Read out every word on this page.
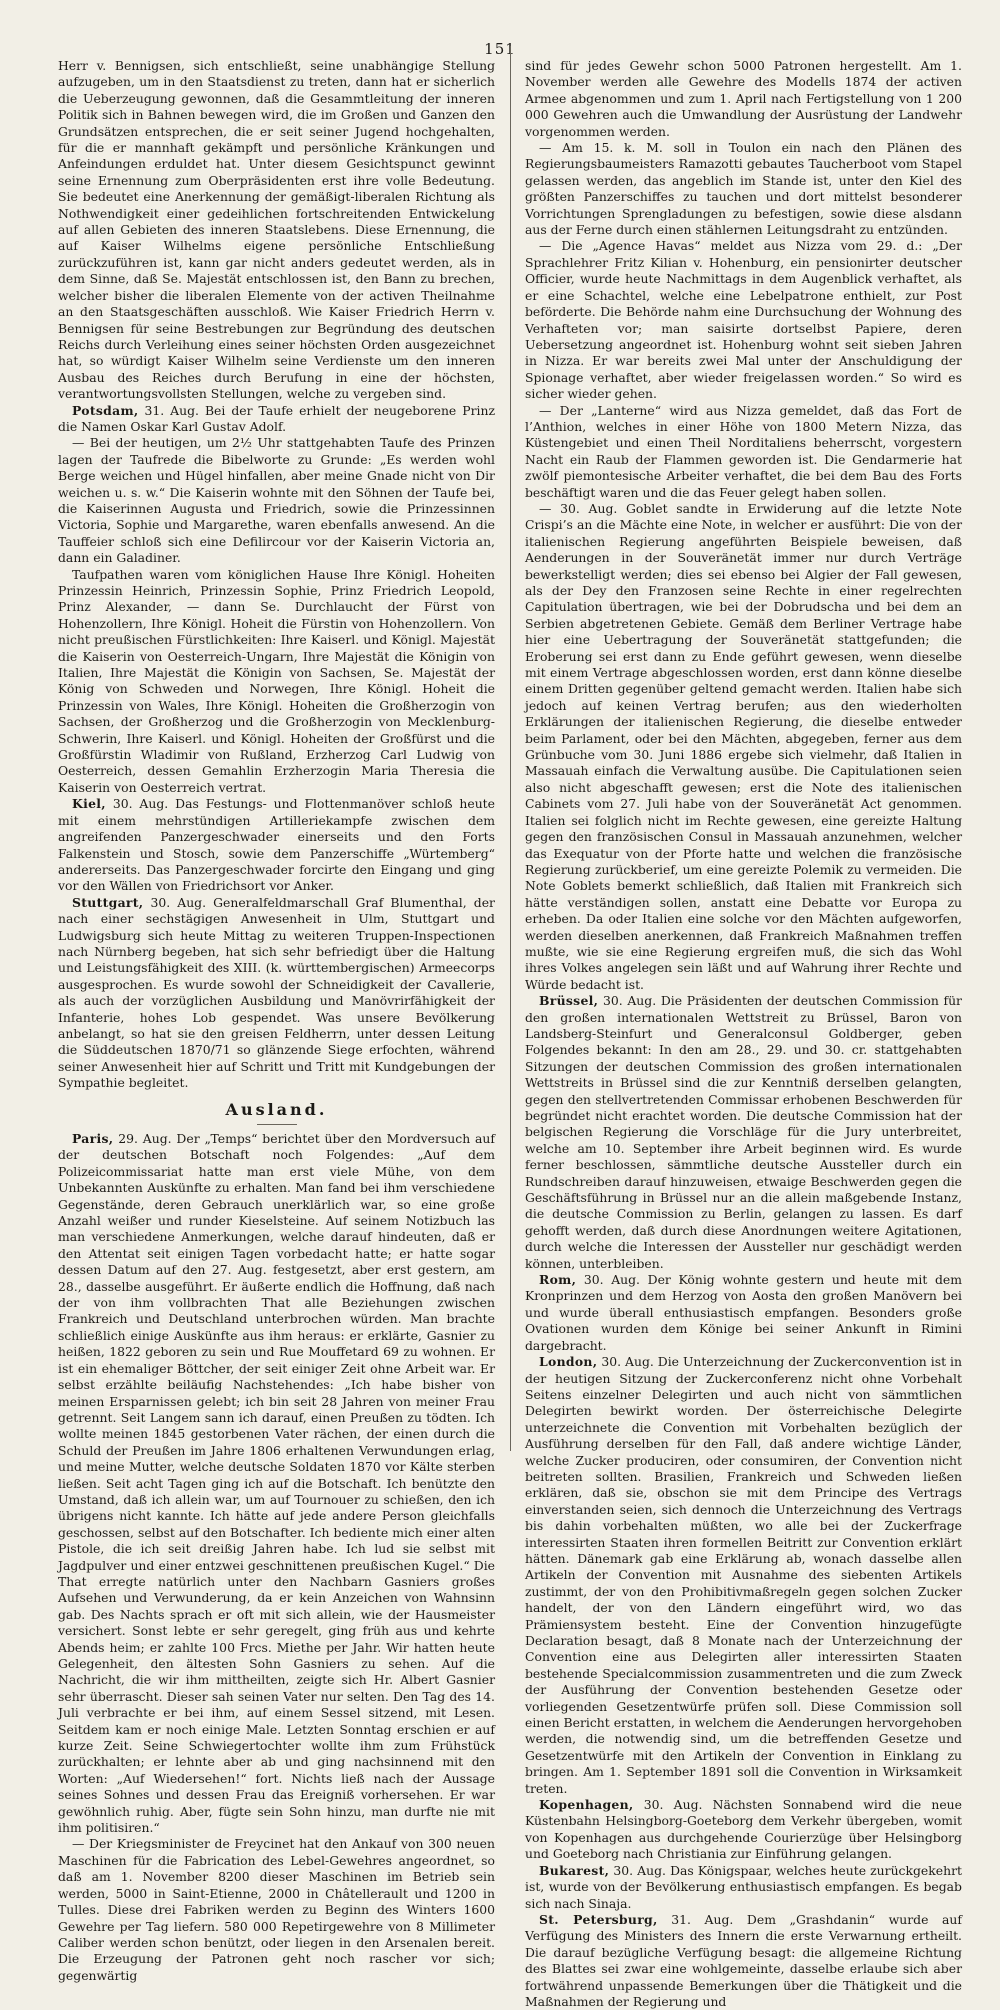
151

Herr v. Bennigsen, sich entschließt, seine unabhängige Stellung aufzugeben, um in den Staatsdienst zu treten, dann hat er sicherlich die Ueberzeugung gewonnen, daß die Gesammtleitung der inneren Politik sich in Bahnen bewegen wird, die im Großen und Ganzen den Grundsätzen entsprechen, die er seit seiner Jugend hochgehalten, für die er mannhaft gekämpft und persönliche Kränkungen und Anfeindungen erduldet hat. Unter diesem Gesichtspunct gewinnt seine Ernennung zum Oberpräsidenten erst ihre volle Bedeutung. Sie bedeutet eine Anerkennung der gemäßigt-liberalen Richtung als Nothwendigkeit einer gedeihlichen fortschreitenden Entwickelung auf allen Gebieten des inneren Staatslebens. Diese Ernennung, die auf Kaiser Wilhelms eigene persönliche Entschließung zurückzuführen ist, kann gar nicht anders gedeutet werden, als in dem Sinne, daß Se. Majestät entschlossen ist, den Bann zu brechen, welcher bisher die liberalen Elemente von der activen Theilnahme an den Staatsgeschäften ausschloß. Wie Kaiser Friedrich Herrn v. Bennigsen für seine Bestrebungen zur Begründung des deutschen Reichs durch Verleihung eines seiner höchsten Orden ausgezeichnet hat, so würdigt Kaiser Wilhelm seine Verdienste um den inneren Ausbau des Reiches durch Berufung in eine der höchsten, verantwortungsvollsten Stellungen, welche zu vergeben sind.

Potsdam, 31. Aug. Bei der Taufe erhielt der neugeborene Prinz die Namen Oskar Karl Gustav Adolf.

— Bei der heutigen, um 2½ Uhr stattgehabten Taufe des Prinzen lagen der Taufrede die Bibelworte zu Grunde: „Es werden wohl Berge weichen und Hügel hinfallen, aber meine Gnade nicht von Dir weichen u. s. w.“ Die Kaiserin wohnte mit den Söhnen der Taufe bei, die Kaiserinnen Augusta und Friedrich, sowie die Prinzessinnen Victoria, Sophie und Margarethe, waren ebenfalls anwesend. An die Tauffeier schloß sich eine Defilircour vor der Kaiserin Victoria an, dann ein Galadiner.

Taufpathen waren vom königlichen Hause Ihre Königl. Hoheiten Prinzessin Heinrich, Prinzessin Sophie, Prinz Friedrich Leopold, Prinz Alexander, — dann Se. Durchlaucht der Fürst von Hohenzollern, Ihre Königl. Hoheit die Fürstin von Hohenzollern. Von nicht preußischen Fürstlichkeiten: Ihre Kaiserl. und Königl. Majestät die Kaiserin von Oesterreich-Ungarn, Ihre Majestät die Königin von Italien, Ihre Majestät die Königin von Sachsen, Se. Majestät der König von Schweden und Norwegen, Ihre Königl. Hoheit die Prinzessin von Wales, Ihre Königl. Hoheiten die Großherzogin von Sachsen, der Großherzog und die Großherzogin von Mecklenburg-Schwerin, Ihre Kaiserl. und Königl. Hoheiten der Großfürst und die Großfürstin Wladimir von Rußland, Erzherzog Carl Ludwig von Oesterreich, dessen Gemahlin Erzherzogin Maria Theresia die Kaiserin von Oesterreich vertrat.

Kiel, 30. Aug. Das Festungs- und Flottenmanöver schloß heute mit einem mehrstündigen Artilleriekampfe zwischen dem angreifenden Panzergeschwader einerseits und den Forts Falkenstein und Stosch, sowie dem Panzerschiffe „Würtemberg“ andererseits. Das Panzergeschwader forcirte den Eingang und ging vor den Wällen von Friedrichsort vor Anker.

Stuttgart, 30. Aug. Generalfeldmarschall Graf Blumenthal, der nach einer sechstägigen Anwesenheit in Ulm, Stuttgart und Ludwigsburg sich heute Mittag zu weiteren Truppen-Inspectionen nach Nürnberg begeben, hat sich sehr befriedigt über die Haltung und Leistungsfähigkeit des XIII. (k. württembergischen) Armeecorps ausgesprochen. Es wurde sowohl der Schneidigkeit der Cavallerie, als auch der vorzüglichen Ausbildung und Manövrirfähigkeit der Infanterie, hohes Lob gespendet. Was unsere Bevölkerung anbelangt, so hat sie den greisen Feldherrn, unter dessen Leitung die Süddeutschen 1870/71 so glänzende Siege erfochten, während seiner Anwesenheit hier auf Schritt und Tritt mit Kundgebungen der Sympathie begleitet.

Ausland.

Paris, 29. Aug. Der „Temps“ berichtet über den Mordversuch auf der deutschen Botschaft noch Folgendes: „Auf dem Polizeicommissariat hatte man erst viele Mühe, von dem Unbekannten Auskünfte zu erhalten. Man fand bei ihm verschiedene Gegenstände, deren Gebrauch unerklärlich war, so eine große Anzahl weißer und runder Kieselsteine. Auf seinem Notizbuch las man verschiedene Anmerkungen, welche darauf hindeuten, daß er den Attentat seit einigen Tagen vorbedacht hatte; er hatte sogar dessen Datum auf den 27. Aug. festgesetzt, aber erst gestern, am 28., dasselbe ausgeführt. Er äußerte endlich die Hoffnung, daß nach der von ihm vollbrachten That alle Beziehungen zwischen Frankreich und Deutschland unterbrochen würden. Man brachte schließlich einige Auskünfte aus ihm heraus: er erklärte, Gasnier zu heißen, 1822 geboren zu sein und Rue Mouffetard 69 zu wohnen. Er ist ein ehemaliger Böttcher, der seit einiger Zeit ohne Arbeit war. Er selbst erzählte beiläufig Nachstehendes: „Ich habe bisher von meinen Ersparnissen gelebt; ich bin seit 28 Jahren von meiner Frau getrennt. Seit Langem sann ich darauf, einen Preußen zu tödten. Ich wollte meinen 1845 gestorbenen Vater rächen, der einen durch die Schuld der Preußen im Jahre 1806 erhaltenen Verwundungen erlag, und meine Mutter, welche deutsche Soldaten 1870 vor Kälte sterben ließen. Seit acht Tagen ging ich auf die Botschaft. Ich benützte den Umstand, daß ich allein war, um auf Tournouer zu schießen, den ich übrigens nicht kannte. Ich hätte auf jede andere Person gleichfalls geschossen, selbst auf den Botschafter. Ich bediente mich einer alten Pistole, die ich seit dreißig Jahren habe. Ich lud sie selbst mit Jagdpulver und einer entzwei geschnittenen preußischen Kugel.“ Die That erregte natürlich unter den Nachbarn Gasniers großes Aufsehen und Verwunderung, da er kein Anzeichen von Wahnsinn gab. Des Nachts sprach er oft mit sich allein, wie der Hausmeister versichert. Sonst lebte er sehr geregelt, ging früh aus und kehrte Abends heim; er zahlte 100 Frcs. Miethe per Jahr. Wir hatten heute Gelegenheit, den ältesten Sohn Gasniers zu sehen. Auf die Nachricht, die wir ihm mittheilten, zeigte sich Hr. Albert Gasnier sehr überrascht. Dieser sah seinen Vater nur selten. Den Tag des 14. Juli verbrachte er bei ihm, auf einem Sessel sitzend, mit Lesen. Seitdem kam er noch einige Male. Letzten Sonntag erschien er auf kurze Zeit. Seine Schwiegertochter wollte ihm zum Frühstück zurückhalten; er lehnte aber ab und ging nachsinnend mit den Worten: „Auf Wiedersehen!“ fort. Nichts ließ nach der Aussage seines Sohnes und dessen Frau das Ereigniß vorhersehen. Er war gewöhnlich ruhig. Aber, fügte sein Sohn hinzu, man durfte nie mit ihm politisiren.“

— Der Kriegsminister de Freycinet hat den Ankauf von 300 neuen Maschinen für die Fabrication des Lebel-Gewehres angeordnet, so daß am 1. November 8200 dieser Maschinen im Betrieb sein werden, 5000 in Saint-Etienne, 2000 in Châtellerault und 1200 in Tulles. Diese drei Fabriken werden zu Beginn des Winters 1600 Gewehre per Tag liefern. 580 000 Repetirgewehre von 8 Millimeter Caliber werden schon benützt, oder liegen in den Arsenalen bereit. Die Erzeugung der Patronen geht noch rascher vor sich; gegenwärtig

sind für jedes Gewehr schon 5000 Patronen hergestellt. Am 1. November werden alle Gewehre des Modells 1874 der activen Armee abgenommen und zum 1. April nach Fertigstellung von 1 200 000 Gewehren auch die Umwandlung der Ausrüstung der Landwehr vorgenommen werden.

— Am 15. k. M. soll in Toulon ein nach den Plänen des Regierungsbaumeisters Ramazotti gebautes Taucherboot vom Stapel gelassen werden, das angeblich im Stande ist, unter den Kiel des größten Panzerschiffes zu tauchen und dort mittelst besonderer Vorrichtungen Sprengladungen zu befestigen, sowie diese alsdann aus der Ferne durch einen stählernen Leitungsdraht zu entzünden.

— Die „Agence Havas“ meldet aus Nizza vom 29. d.: „Der Sprachlehrer Fritz Kilian v. Hohenburg, ein pensionirter deutscher Officier, wurde heute Nachmittags in dem Augenblick verhaftet, als er eine Schachtel, welche eine Lebelpatrone enthielt, zur Post beförderte. Die Behörde nahm eine Durchsuchung der Wohnung des Verhafteten vor; man saisirte dortselbst Papiere, deren Uebersetzung angeordnet ist. Hohenburg wohnt seit sieben Jahren in Nizza. Er war bereits zwei Mal unter der Anschuldigung der Spionage verhaftet, aber wieder freigelassen worden.“ So wird es sicher wieder gehen.

— Der „Lanterne“ wird aus Nizza gemeldet, daß das Fort de l’Anthion, welches in einer Höhe von 1800 Metern Nizza, das Küstengebiet und einen Theil Norditaliens beherrscht, vorgestern Nacht ein Raub der Flammen geworden ist. Die Gendarmerie hat zwölf piemontesische Arbeiter verhaftet, die bei dem Bau des Forts beschäftigt waren und die das Feuer gelegt haben sollen.

— 30. Aug. Goblet sandte in Erwiderung auf die letzte Note Crispi’s an die Mächte eine Note, in welcher er ausführt: Die von der italienischen Regierung angeführten Beispiele beweisen, daß Aenderungen in der Souveränetät immer nur durch Verträge bewerkstelligt werden; dies sei ebenso bei Algier der Fall gewesen, als der Dey den Franzosen seine Rechte in einer regelrechten Capitulation übertragen, wie bei der Dobrudscha und bei dem an Serbien abgetretenen Gebiete. Gemäß dem Berliner Vertrage habe hier eine Uebertragung der Souveränetät stattgefunden; die Eroberung sei erst dann zu Ende geführt gewesen, wenn dieselbe mit einem Vertrage abgeschlossen worden, erst dann könne dieselbe einem Dritten gegenüber geltend gemacht werden. Italien habe sich jedoch auf keinen Vertrag berufen; aus den wiederholten Erklärungen der italienischen Regierung, die dieselbe entweder beim Parlament, oder bei den Mächten, abgegeben, ferner aus dem Grünbuche vom 30. Juni 1886 ergebe sich vielmehr, daß Italien in Massauah einfach die Verwaltung ausübe. Die Capitulationen seien also nicht abgeschafft gewesen; erst die Note des italienischen Cabinets vom 27. Juli habe von der Souveränetät Act genommen. Italien sei folglich nicht im Rechte gewesen, eine gereizte Haltung gegen den französischen Consul in Massauah anzunehmen, welcher das Exequatur von der Pforte hatte und welchen die französische Regierung zurückberief, um eine gereizte Polemik zu vermeiden. Die Note Goblets bemerkt schließlich, daß Italien mit Frankreich sich hätte verständigen sollen, anstatt eine Debatte vor Europa zu erheben. Da oder Italien eine solche vor den Mächten aufgeworfen, werden dieselben anerkennen, daß Frankreich Maßnahmen treffen mußte, wie sie eine Regierung ergreifen muß, die sich das Wohl ihres Volkes angelegen sein läßt und auf Wahrung ihrer Rechte und Würde bedacht ist.

Brüssel, 30. Aug. Die Präsidenten der deutschen Commission für den großen internationalen Wettstreit zu Brüssel, Baron von Landsberg-Steinfurt und Generalconsul Goldberger, geben Folgendes bekannt: In den am 28., 29. und 30. cr. stattgehabten Sitzungen der deutschen Commission des großen internationalen Wettstreits in Brüssel sind die zur Kenntniß derselben gelangten, gegen den stellvertretenden Commissar erhobenen Beschwerden für begründet nicht erachtet worden. Die deutsche Commission hat der belgischen Regierung die Vorschläge für die Jury unterbreitet, welche am 10. September ihre Arbeit beginnen wird. Es wurde ferner beschlossen, sämmtliche deutsche Aussteller durch ein Rundschreiben darauf hinzuweisen, etwaige Beschwerden gegen die Geschäftsführung in Brüssel nur an die allein maßgebende Instanz, die deutsche Commission zu Berlin, gelangen zu lassen. Es darf gehofft werden, daß durch diese Anordnungen weitere Agitationen, durch welche die Interessen der Aussteller nur geschädigt werden können, unterbleiben.

Rom, 30. Aug. Der König wohnte gestern und heute mit dem Kronprinzen und dem Herzog von Aosta den großen Manövern bei und wurde überall enthusiastisch empfangen. Besonders große Ovationen wurden dem Könige bei seiner Ankunft in Rimini dargebracht.

London, 30. Aug. Die Unterzeichnung der Zuckerconvention ist in der heutigen Sitzung der Zuckerconferenz nicht ohne Vorbehalt Seitens einzelner Delegirten und auch nicht von sämmtlichen Delegirten bewirkt worden. Der österreichische Delegirte unterzeichnete die Convention mit Vorbehalten bezüglich der Ausführung derselben für den Fall, daß andere wichtige Länder, welche Zucker produciren, oder consumiren, der Convention nicht beitreten sollten. Brasilien, Frankreich und Schweden ließen erklären, daß sie, obschon sie mit dem Principe des Vertrags einverstanden seien, sich dennoch die Unterzeichnung des Vertrags bis dahin vorbehalten müßten, wo alle bei der Zuckerfrage interessirten Staaten ihren formellen Beitritt zur Convention erklärt hätten. Dänemark gab eine Erklärung ab, wonach dasselbe allen Artikeln der Convention mit Ausnahme des siebenten Artikels zustimmt, der von den Prohibitivmaßregeln gegen solchen Zucker handelt, der von den Ländern eingeführt wird, wo das Prämiensystem besteht. Eine der Convention hinzugefügte Declaration besagt, daß 8 Monate nach der Unterzeichnung der Convention eine aus Delegirten aller interessirten Staaten bestehende Specialcommission zusammentreten und die zum Zweck der Ausführung der Convention bestehenden Gesetze oder vorliegenden Gesetzentwürfe prüfen soll. Diese Commission soll einen Bericht erstatten, in welchem die Aenderungen hervorgehoben werden, die notwendig sind, um die betreffenden Gesetze und Gesetzentwürfe mit den Artikeln der Convention in Einklang zu bringen. Am 1. September 1891 soll die Convention in Wirksamkeit treten.

Kopenhagen, 30. Aug. Nächsten Sonnabend wird die neue Küstenbahn Helsingborg-Goeteborg dem Verkehr übergeben, womit von Kopenhagen aus durchgehende Courierzüge über Helsingborg und Goeteborg nach Christiania zur Einführung gelangen.

Bukarest, 30. Aug. Das Königspaar, welches heute zurückgekehrt ist, wurde von der Bevölkerung enthusiastisch empfangen. Es begab sich nach Sinaja.

St. Petersburg, 31. Aug. Dem „Grashdanin“ wurde auf Verfügung des Ministers des Innern die erste Verwarnung ertheilt. Die darauf bezügliche Verfügung besagt: die allgemeine Richtung des Blattes sei zwar eine wohlgemeinte, dasselbe erlaube sich aber fortwährend unpassende Bemerkungen über die Thätigkeit und die Maßnahmen der Regierung und
